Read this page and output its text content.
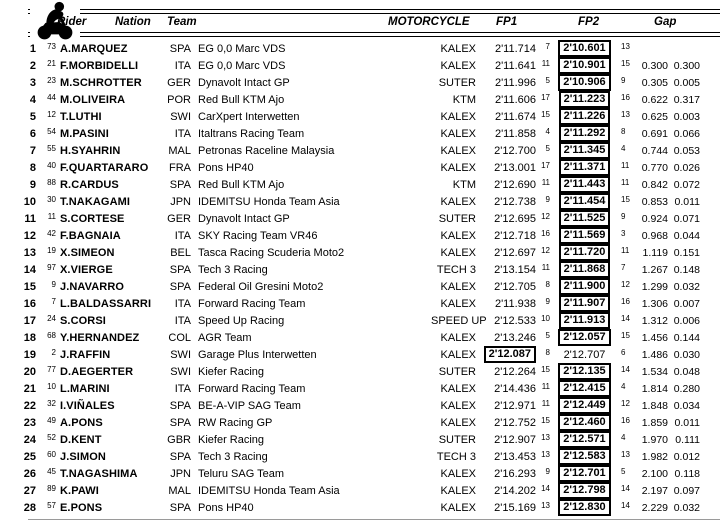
Rider Nation Team	MOTORCYCLE FP1	FP2	Gap
1	$^{73}$ A.MARQUEZ	SPA EG 0,0 Marc VDS	KALEX	2'11.714	$^7$	2'10.601	$^{13}$
2	$^{21}$ F.MORBIDELLI	ITA EG 0,0 Marc VDS	KALEX	2'11.641 $^{11}$	2'10.901	$^{15}$	0.300 0.300
3	$^{23}$ M.SCHROTTER	GER Dynavolt Intact GP	SUTER	2'11.996	$^5$	2'10.906	$^9$	0.305 0.005
4	$^{44}$ M.OLIVEIRA	POR Red Bull KTM Ajo	KTM	2'11.606 $^{17}$	2'11.223	$^{16}$	0.622 0.317
5	$^{12}$ T.LUTHI	SWI CarXpert Interwetten	KALEX	2'11.674 $^{15}$	2'11.226	$^{13}$	0.625 0.003
6	$^{54}$ M.PASINI	ITA Italtrans Racing Team	KALEX	2'11.858	$^4$	2'11.292	$^8$	0.691 0.066
7	$^{55}$ H.SYAHRIN	MAL Petronas Raceline Malaysia	KALEX	2'12.700	$^5$	2'11.345	$^4$	0.744 0.053
8	$^{40}$ F.QUARTARARO	FRA Pons HP40	KALEX	2'13.001 $^{17}$	2'11.371	$^{11}$	0.770 0.026
9	$^{88}$ R.CARDUS	SPA Red Bull KTM Ajo	KTM	2'12.690 $^{11}$	2'11.443	$^{11}$	0.842 0.072
10	$^{30}$ T.NAKAGAMI	JPN IDEMITSU Honda Team Asia	KALEX	2'12.738	$^9$	2'11.454	$^{15}$	0.853 0.011
11	$^{11}$ S.CORTESE	GER Dynavolt Intact GP	SUTER	2'12.695 $^{12}$	2'11.525	$^9$	0.924 0.071
12	$^{42}$ F.BAGNAIA	ITA SKY Racing Team VR46	KALEX	2'12.718 $^{16}$	2'11.569	$^3$	0.968 0.044
13	$^{19}$ X.SIMEON	BEL Tasca Racing Scuderia Moto2	KALEX	2'12.697 $^{12}$	2'11.720	$^{11}$	1.119 0.151
14	$^{97}$ X.VIERGE	SPA Tech 3 Racing	TECH 3	2'13.154 $^{11}$	2'11.868	$^7$	1.267 0.148
15	$^9$ J.NAVARRO	SPA Federal Oil Gresini Moto2	KALEX	2'12.705	$^8$	2'11.900	$^{12}$	1.299 0.032
16	$^7$ L.BALDASSARRI	ITA Forward Racing Team	KALEX	2'11.938	$^9$	2'11.907	$^{16}$	1.306 0.007
17	$^{24}$ S.CORSI	ITA Speed Up Racing	SPEED UP 2'12.533 $^{10}$	2'11.913	$^{14}$	1.312 0.006
18	$^{68}$ Y.HERNANDEZ	COL AGR Team	KALEX	2'13.246	$^5$	2'12.057	$^{15}$	1.456 0.144
19	$^2$ J.RAFFIN	SWI Garage Plus Interwetten	KALEX	2'12.087	$^8$	2'12.707	$^6$	1.486 0.030
20	$^{77}$ D.AEGERTER	SWI Kiefer Racing	SUTER	2'12.264 $^{15}$	2'12.135	$^{14}$	1.534 0.048
21	$^{10}$ L.MARINI	ITA Forward Racing Team	KALEX	2'14.436 $^{11}$	2'12.415	$^4$	1.814 0.280
22	$^{32}$ I.VIÑALES	SPA BE-A-VIP SAG Team	KALEX	2'12.971 $^{11}$	2'12.449	$^{12}$	1.848 0.034
23	$^{49}$ A.PONS	SPA RW Racing GP	KALEX	2'12.752 $^{15}$	2'12.460	$^{16}$	1.859 0.011
24	$^{52}$ D.KENT	GBR Kiefer Racing	SUTER	2'12.907 $^{13}$	2'12.571	$^4$	1.970 0.111
25	$^{60}$ J.SIMON	SPA Tech 3 Racing	TECH 3	2'13.453 $^{13}$	2'12.583	$^{13}$	1.982 0.012
26	$^{45}$ T.NAGASHIMA	JPN Teluru SAG Team	KALEX	2'16.293	$^9$	2'12.701	$^5$	2.100 0.118
27	$^{89}$ K.PAWI	MAL IDEMITSU Honda Team Asia	KALEX	2'14.202 $^{14}$	2'12.798	$^{14}$	2.197 0.097
28	$^{57}$ E.PONS	SPA Pons HP40	KALEX	2'15.169 $^{13}$	2'12.830	$^{14}$	2.229 0.032
